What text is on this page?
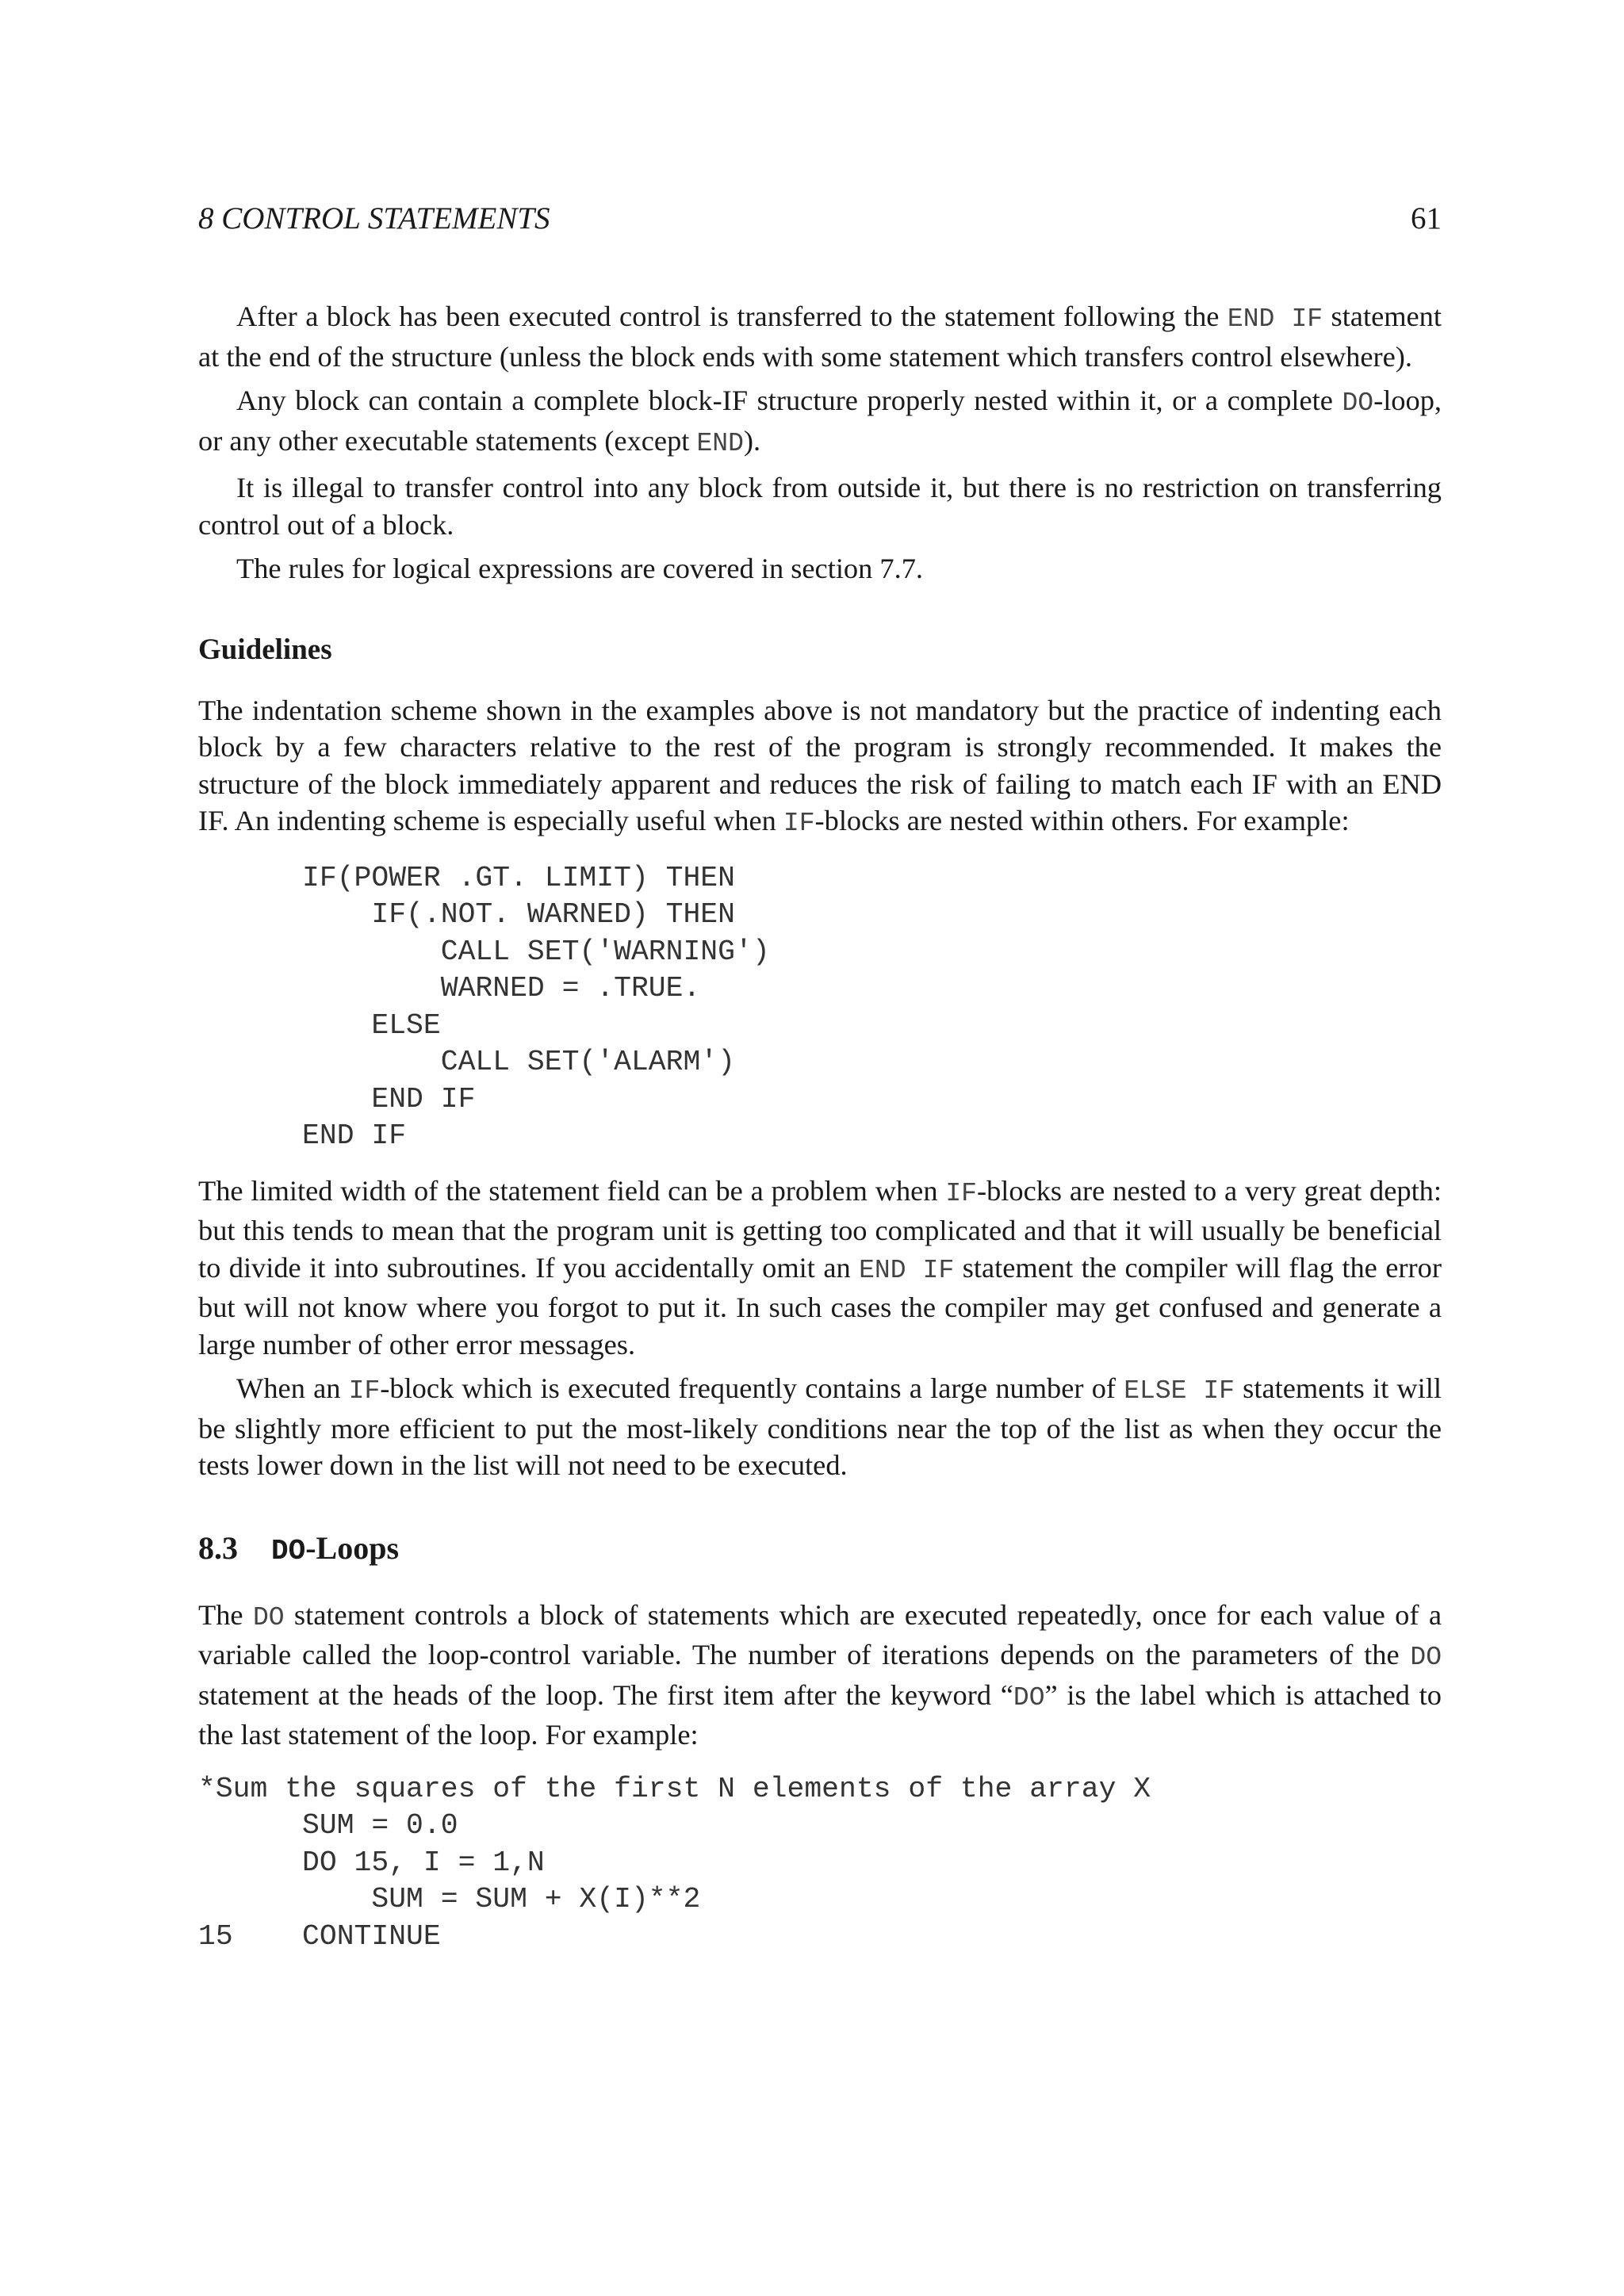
8 CONTROL STATEMENTS	61

After a block has been executed control is transferred to the statement following the END IF statement at the end of the structure (unless the block ends with some statement which transfers control elsewhere).

Any block can contain a complete block-IF structure properly nested within it, or a complete DO-loop, or any other executable statements (except END).

It is illegal to transfer control into any block from outside it, but there is no restriction on transferring control out of a block.

The rules for logical expressions are covered in section 7.7.

Guidelines

The indentation scheme shown in the examples above is not mandatory but the practice of indenting each block by a few characters relative to the rest of the program is strongly recommended. It makes the structure of the block immediately apparent and reduces the risk of failing to match each IF with an END IF. An indenting scheme is especially useful when IF-blocks are nested within others. For example:

IF(POWER .GT. LIMIT) THEN
IF(.NOT. WARNED) THEN
CALL SET('WARNING')
WARNED = .TRUE.
ELSE
CALL SET('ALARM')
END IF
END IF

The limited width of the statement field can be a problem when IF-blocks are nested to a very great depth: but this tends to mean that the program unit is getting too complicated and that it will usually be beneficial to divide it into subroutines. If you accidentally omit an END IF statement the compiler will flag the error but will not know where you forgot to put it. In such cases the compiler may get confused and generate a large number of other error messages.

When an IF-block which is executed frequently contains a large number of ELSE IF statements it will be slightly more efficient to put the most-likely conditions near the top of the list as when they occur the tests lower down in the list will not need to be executed.

8.3 DO-Loops

The DO statement controls a block of statements which are executed repeatedly, once for each value of a variable called the loop-control variable. The number of iterations depends on the parameters of the DO statement at the heads of the loop. The first item after the keyword “DO” is the label which is attached to the last statement of the loop. For example:

*Sum the squares of the first N elements of the array X
SUM = 0.0
DO 15, I = 1,N
SUM = SUM + X(I)**2
15    CONTINUE
